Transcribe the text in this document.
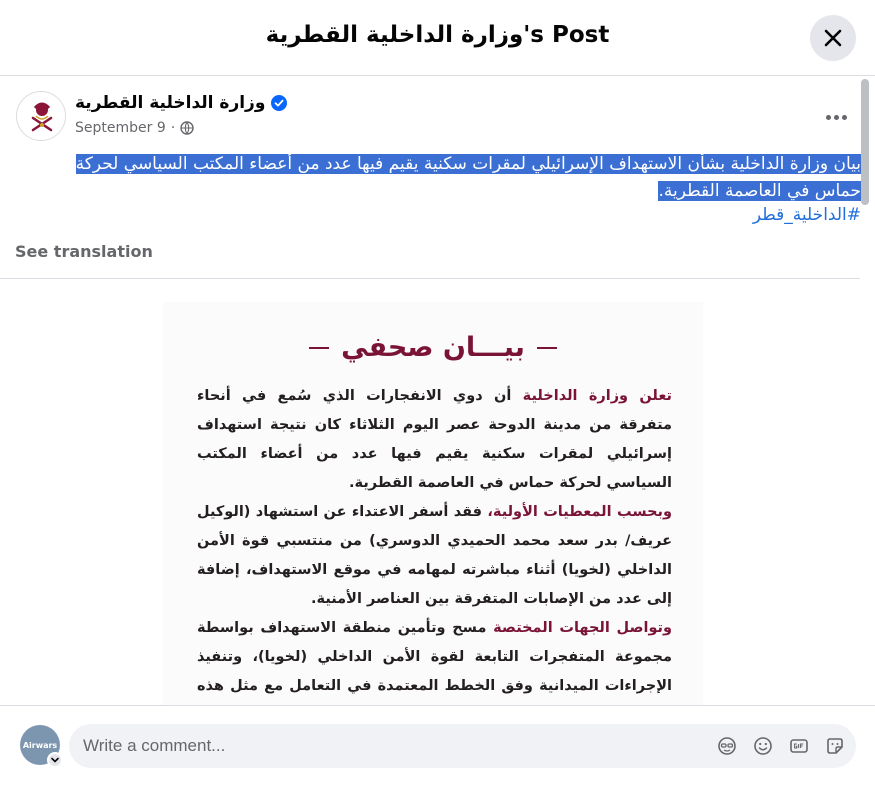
وزارة الداخلية القطرية's Post
وزارة الداخلية القطرية
September 9 ·
بيان وزارة الداخلية بشأن الاستهداف الإسرائيلي لمقرات سكنية يقيم فيها عدد من أعضاء المكتب السياسي لحركة
حماس في العاصمة القطرية.
#الداخلية_قطر
See translation
بيـــان صحفي

تعلن وزارة الداخلية أن دوي الانفجارات الذي سُمع في أنحاء متفرقة من مدينة الدوحة عصر اليوم الثلاثاء كان نتيجة استهداف إسرائيلي لمقرات سكنية يقيم فيها عدد من أعضاء المكتب السياسي لحركة حماس في العاصمة القطرية.

وبحسب المعطيات الأولية، فقد أسفر الاعتداء عن استشهاد (الوكيل عريف/ بدر سعد محمد الحميدي الدوسري) من منتسبي قوة الأمن الداخلي (لخويا) أثناء مباشرته لمهامه في موقع الاستهداف، إضافة إلى عدد من الإصابات المتفرقة بين العناصر الأمنية.

وتواصل الجهات المختصة مسح وتأمين منطقة الاستهداف بواسطة مجموعة المتفجرات التابعة لقوة الأمن الداخلي (لخويا)، وتنفيذ الإجراءات الميدانية وفق الخطط المعتمدة في التعامل مع مثل هذه

Airwars
Write a comment...
